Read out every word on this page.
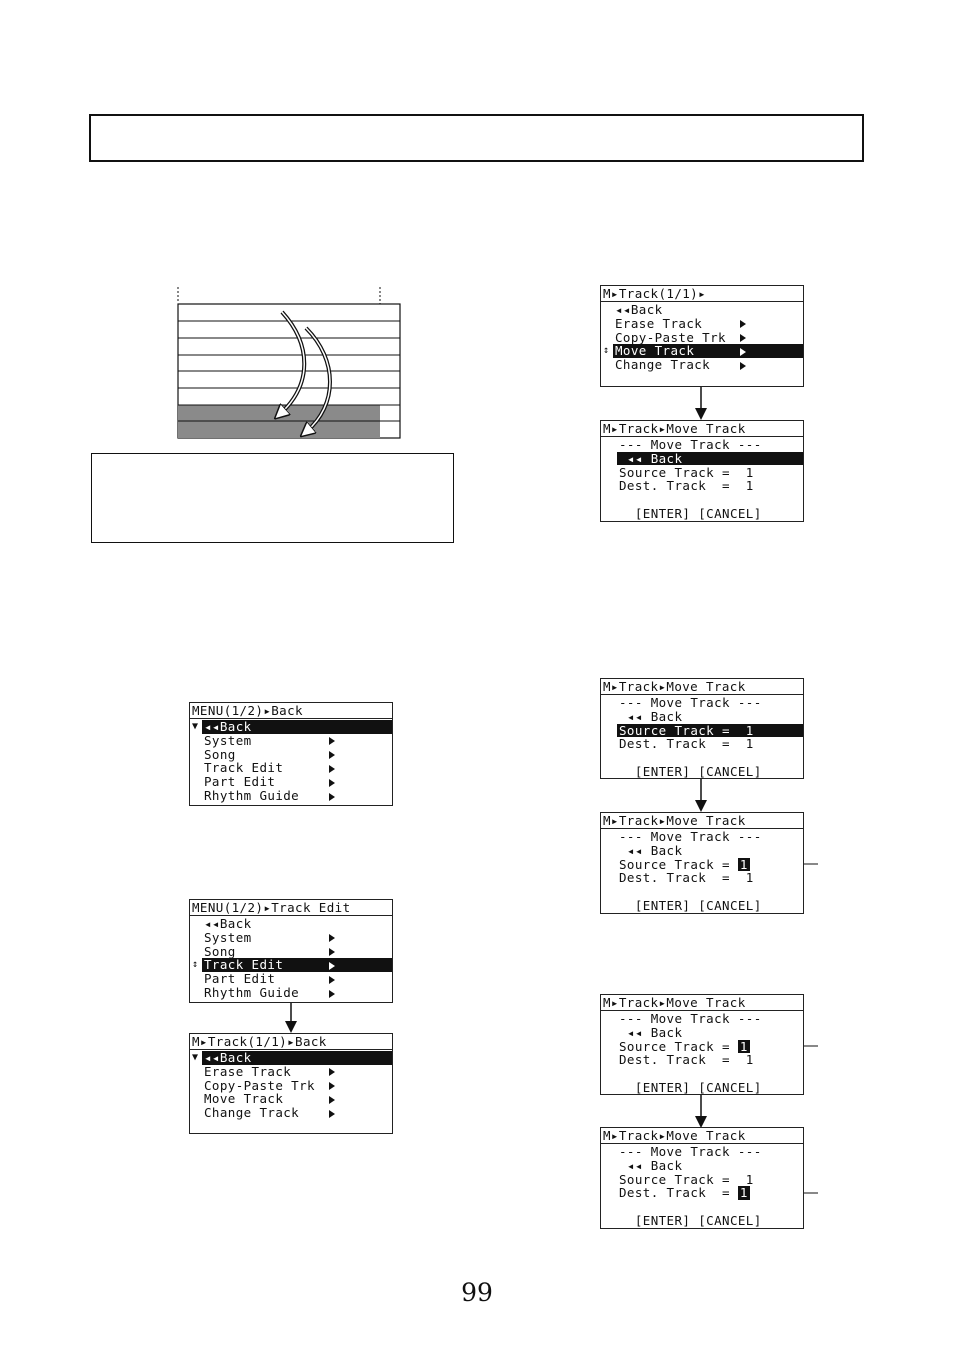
MENU(1/2)▸Back
▼ ◂◂Back
System
Song
Track Edit
Part Edit
Rhythm Guide
MENU(1/2)▸Track Edit
◂◂Back
System
Song
↕ Track Edit
Part Edit
Rhythm Guide
M▸Track(1/1)▸Back
▼ ◂◂Back
Erase Track
Copy-Paste Trk
Move Track
Change Track
M▸Track(1/1)▸
◂◂Back
Erase Track
Copy-Paste Trk
↕ Move Track
Change Track
M▸Track▸Move Track
--- Move Track ---
◂◂ Back
Source Track =  1
Dest. Track  =  1
[ENTER] [CANCEL]
M▸Track▸Move Track
--- Move Track ---
◂◂ Back
Source Track =  1
Dest. Track  =  1
[ENTER] [CANCEL]
M▸Track▸Move Track
--- Move Track ---
◂◂ Back
Source Track = 1
Dest. Track  =  1
[ENTER] [CANCEL]
M▸Track▸Move Track
--- Move Track ---
◂◂ Back
Source Track = 1
Dest. Track  =  1
[ENTER] [CANCEL]
M▸Track▸Move Track
--- Move Track ---
◂◂ Back
Source Track =  1
Dest. Track  = 1
[ENTER] [CANCEL]
99
